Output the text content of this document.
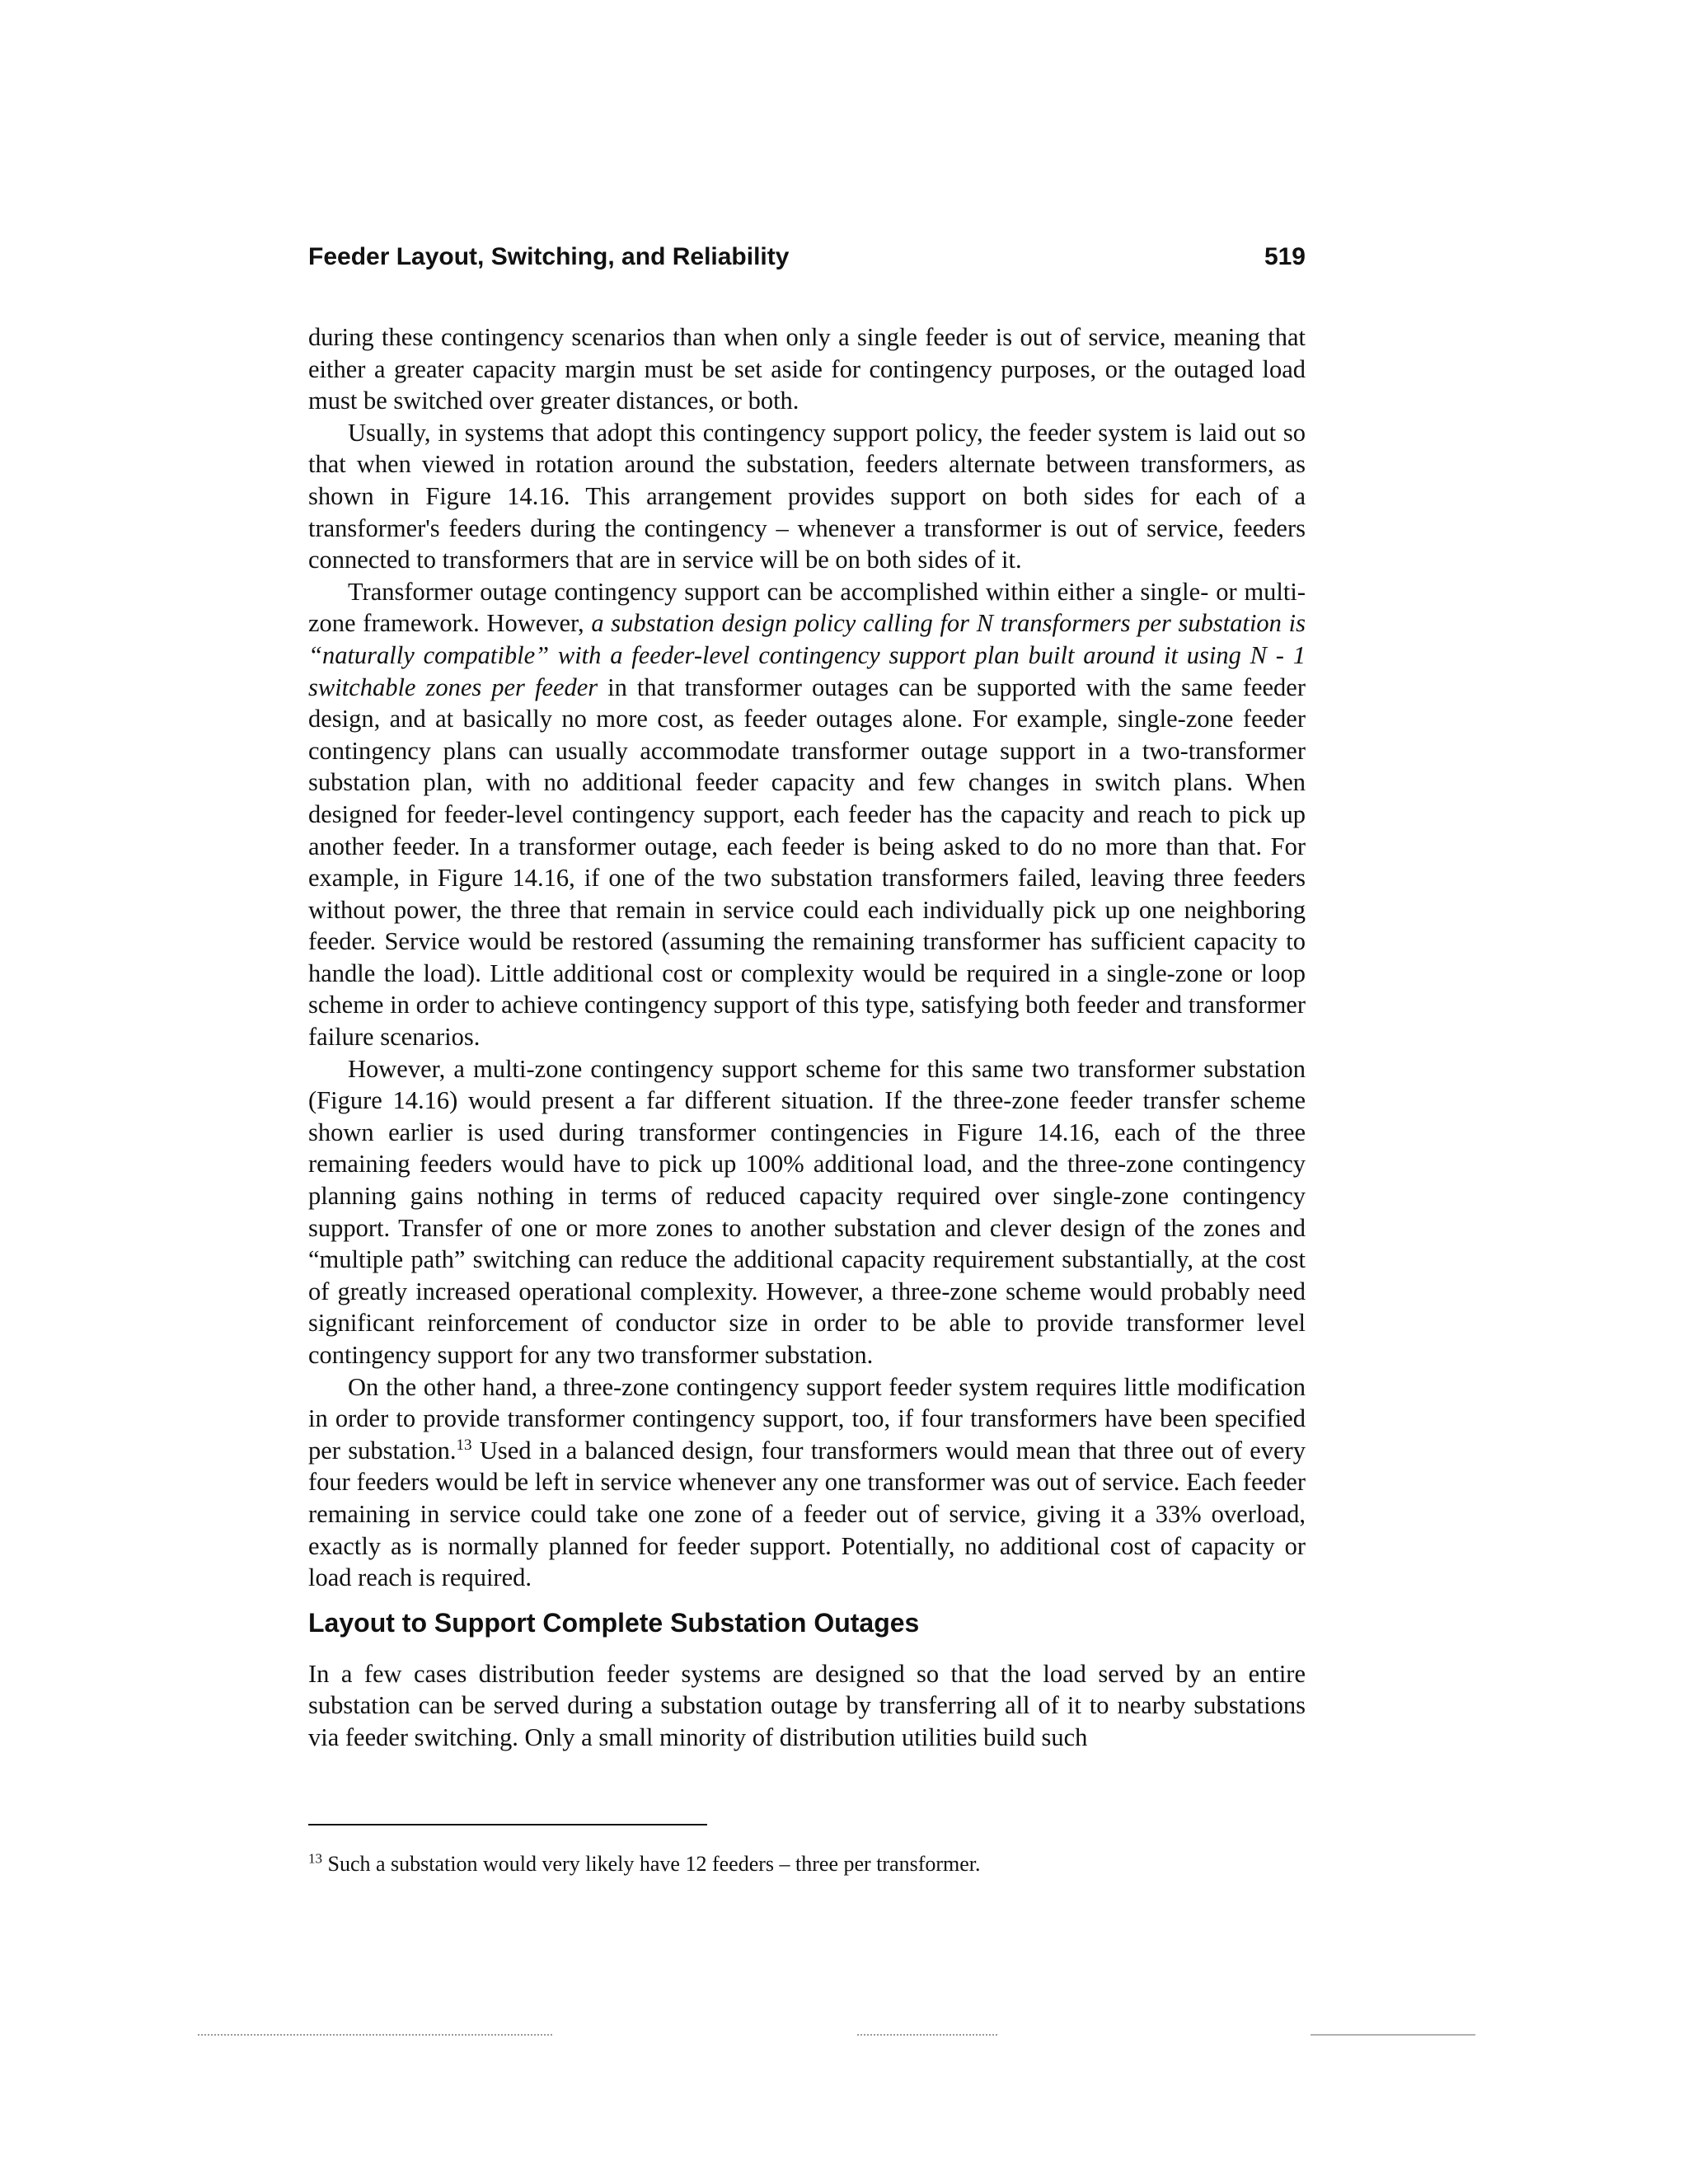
Feeder Layout, Switching, and Reliability	519

during these contingency scenarios than when only a single feeder is out of service, meaning that either a greater capacity margin must be set aside for contingency purposes, or the outaged load must be switched over greater distances, or both.

Usually, in systems that adopt this contingency support policy, the feeder system is laid out so that when viewed in rotation around the substation, feeders alternate between transformers, as shown in Figure 14.16. This arrangement provides support on both sides for each of a transformer's feeders during the contingency – whenever a transformer is out of service, feeders connected to transformers that are in service will be on both sides of it.

Transformer outage contingency support can be accomplished within either a single- or multi-zone framework. However, a substation design policy calling for N transformers per substation is “naturally compatible” with a feeder-level contingency support plan built around it using N - 1 switchable zones per feeder in that transformer outages can be supported with the same feeder design, and at basically no more cost, as feeder outages alone. For example, single-zone feeder contingency plans can usually accommodate transformer outage support in a two-transformer substation plan, with no additional feeder capacity and few changes in switch plans. When designed for feeder-level contingency support, each feeder has the capacity and reach to pick up another feeder. In a transformer outage, each feeder is being asked to do no more than that. For example, in Figure 14.16, if one of the two substation transformers failed, leaving three feeders without power, the three that remain in service could each individually pick up one neighboring feeder. Service would be restored (assuming the remaining transformer has sufficient capacity to handle the load). Little additional cost or complexity would be required in a single-zone or loop scheme in order to achieve contingency support of this type, satisfying both feeder and transformer failure scenarios.

However, a multi-zone contingency support scheme for this same two transformer substation (Figure 14.16) would present a far different situation. If the three-zone feeder transfer scheme shown earlier is used during transformer contingencies in Figure 14.16, each of the three remaining feeders would have to pick up 100% additional load, and the three-zone contingency planning gains nothing in terms of reduced capacity required over single-zone contingency support. Transfer of one or more zones to another substation and clever design of the zones and “multiple path” switching can reduce the additional capacity requirement substantially, at the cost of greatly increased operational complexity. However, a three-zone scheme would probably need significant reinforcement of conductor size in order to be able to provide transformer level contingency support for any two transformer substation.

On the other hand, a three-zone contingency support feeder system requires little modification in order to provide transformer contingency support, too, if four transformers have been specified per substation.$^{13}$ Used in a balanced design, four transformers would mean that three out of every four feeders would be left in service whenever any one transformer was out of service. Each feeder remaining in service could take one zone of a feeder out of service, giving it a 33% overload, exactly as is normally planned for feeder support. Potentially, no additional cost of capacity or load reach is required.

Layout to Support Complete Substation Outages

In a few cases distribution feeder systems are designed so that the load served by an entire substation can be served during a substation outage by transferring all of it to nearby substations via feeder switching. Only a small minority of distribution utilities build such

$^{13}$ Such a substation would very likely have 12 feeders – three per transformer.
